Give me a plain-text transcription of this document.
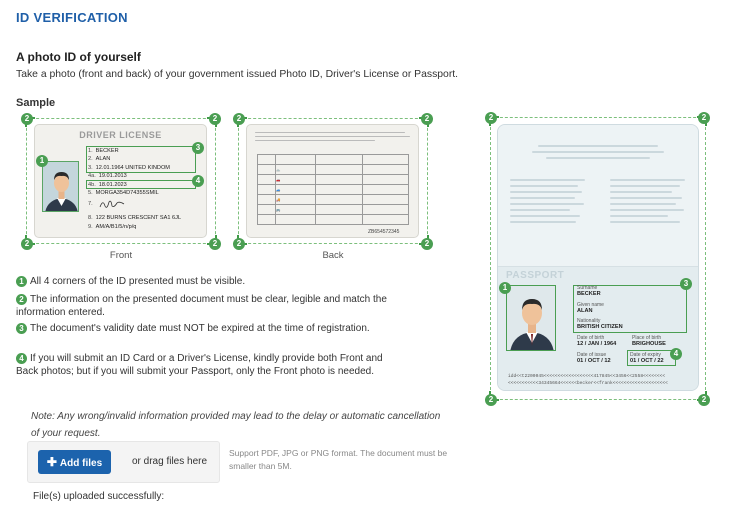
ID VERIFICATION
A photo ID of yourself
Take a photo (front and back) of your government issued Photo ID, Driver's License or Passport.
Sample
DRIVER LICENSE
1. BECKER
2. ALAN
3. 12.01.1964 UNITED KINDOM
4a. 19.01.2013
4b. 18.01.2023
5. MORGA354D74355SMIL
7.
8. 122 BURNS CRESCENT SA1 6JL
9. AM/A/B1/5/n/p/q
2	2
2	2
1
3
4
Front

	🚲		
	🚗		
	🚙		
	🚚		
	🚌		

ZB654572345
2	2
2	2
Back
1 All 4 corners of the ID presented must be visible.
2 The information on the presented document must be clear, legible and match the information entered.
3 The document's validity date must NOT be expired at the time of registration.
4 If you will submit an ID Card or a Driver's License, kindly provide both Front and Back photos; but if you will submit your Passport, only the Front photo is needed.
Note: Any wrong/invalid information provided may lead to the delay or automatic cancellation of your request.
✚ Add files	or drag files here
Support PDF, JPG or PNG format. The document must be smaller than 5M.
File(s) uploaded successfully:
PASSPORT
Surname
BECKER
Given name
ALAN
Nationality
BRITISH CITIZEN
Date of birth
12 / JAN / 1964
Place of birth
BRIGHOUSE
Date of issue
01 / OCT / 12
Date of expiry
01 / OCT / 22
idd<<t2200045<<<<<<<<<<<<<<<<<<417845<<3456<<2558<<<<<<<<
<<<<<<<<<<<34345664<<<<<<becker<<frank<<<<<<<<<<<<<<<<<<<<
2	2
2	2
1	3
4
